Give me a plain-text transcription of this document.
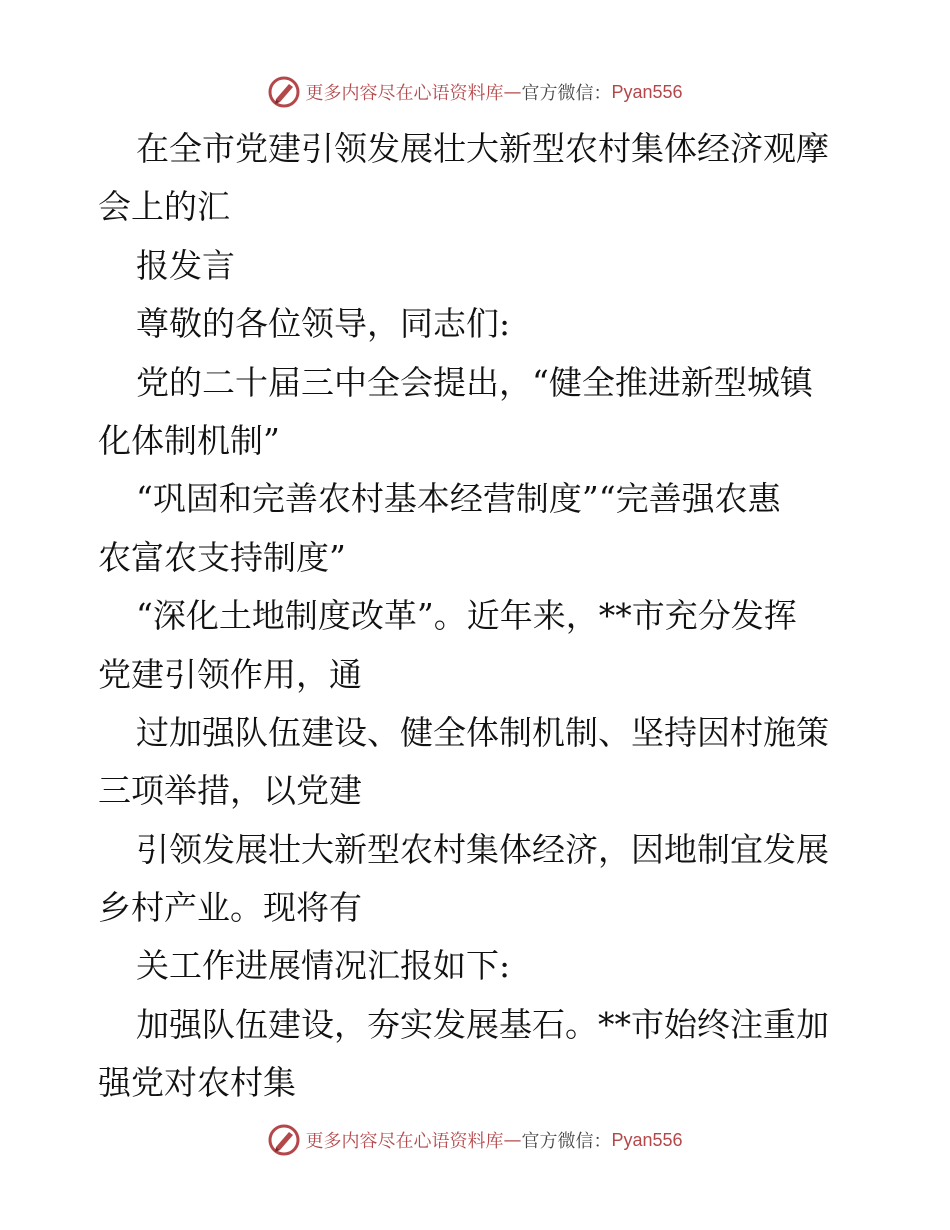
更多内容尽在心语资料库 — 官方微信： Pyan556
在全市党建引领发展壮大新型农村集体经济观摩
会上的汇
报发言
尊敬的各位领导，同志们:
党的二十届三中全会提出，“健全推进新型城镇
化体制机制”
“巩固和完善农村基本经营制度”“完善强农惠
农富农支持制度”
“深化土地制度改革”。近年来，**市充分发挥
党建引领作用，通
过加强队伍建设、健全体制机制、坚持因村施策
三项举措，以党建
引领发展壮大新型农村集体经济，因地制宜发展
乡村产业。现将有
关工作进展情况汇报如下:
加强队伍建设，夯实发展基石。**市始终注重加
强党对农村集
更多内容尽在心语资料库 — 官方微信： Pyan556
